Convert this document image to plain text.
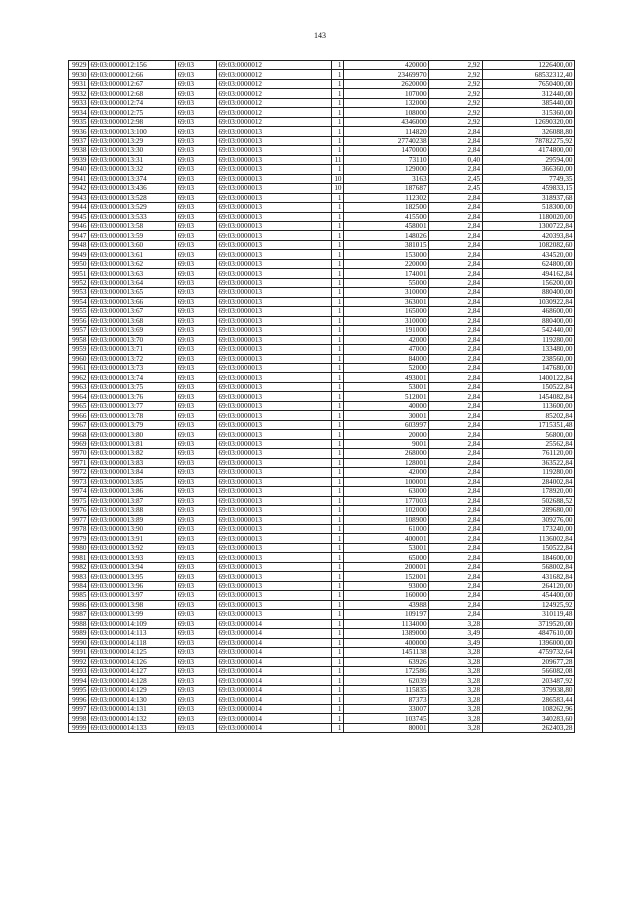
143
9929	69:03:0000012:156	69:03	69:03:0000012	1	420000	2,92	1226400,00
9930	69:03:0000012:66	69:03	69:03:0000012	1	23469970	2,92	68532312,40
9931	69:03:0000012:67	69:03	69:03:0000012	1	2620000	2,92	7650400,00
9932	69:03:0000012:68	69:03	69:03:0000012	1	107000	2,92	312440,00
9933	69:03:0000012:74	69:03	69:03:0000012	1	132000	2,92	385440,00
9934	69:03:0000012:75	69:03	69:03:0000012	1	108000	2,92	315360,00
9935	69:03:0000012:98	69:03	69:03:0000012	1	4346000	2,92	12690320,00
9936	69:03:0000013:100	69:03	69:03:0000013	1	114820	2,84	326088,80
9937	69:03:0000013:29	69:03	69:03:0000013	1	27740238	2,84	78782275,92
9938	69:03:0000013:30	69:03	69:03:0000013	1	1470000	2,84	4174800,00
9939	69:03:0000013:31	69:03	69:03:0000013	11	73110	0,40	29594,00
9940	69:03:0000013:32	69:03	69:03:0000013	1	129000	2,84	366360,00
9941	69:03:0000013:374	69:03	69:03:0000013	10	3163	2,45	7749,35
9942	69:03:0000013:436	69:03	69:03:0000013	10	187687	2,45	459833,15
9943	69:03:0000013:528	69:03	69:03:0000013	1	112302	2,84	318937,68
9944	69:03:0000013:529	69:03	69:03:0000013	1	182500	2,84	518300,00
9945	69:03:0000013:533	69:03	69:03:0000013	1	415500	2,84	1180020,00
9946	69:03:0000013:58	69:03	69:03:0000013	1	458001	2,84	1300722,84
9947	69:03:0000013:59	69:03	69:03:0000013	1	148026	2,84	420393,84
9948	69:03:0000013:60	69:03	69:03:0000013	1	381015	2,84	1082082,60
9949	69:03:0000013:61	69:03	69:03:0000013	1	153000	2,84	434520,00
9950	69:03:0000013:62	69:03	69:03:0000013	1	220000	2,84	624800,00
9951	69:03:0000013:63	69:03	69:03:0000013	1	174001	2,84	494162,84
9952	69:03:0000013:64	69:03	69:03:0000013	1	55000	2,84	156200,00
9953	69:03:0000013:65	69:03	69:03:0000013	1	310000	2,84	880400,00
9954	69:03:0000013:66	69:03	69:03:0000013	1	363001	2,84	1030922,84
9955	69:03:0000013:67	69:03	69:03:0000013	1	165000	2,84	468600,00
9956	69:03:0000013:68	69:03	69:03:0000013	1	310000	2,84	880400,00
9957	69:03:0000013:69	69:03	69:03:0000013	1	191000	2,84	542440,00
9958	69:03:0000013:70	69:03	69:03:0000013	1	42000	2,84	119280,00
9959	69:03:0000013:71	69:03	69:03:0000013	1	47000	2,84	133480,00
9960	69:03:0000013:72	69:03	69:03:0000013	1	84000	2,84	238560,00
9961	69:03:0000013:73	69:03	69:03:0000013	1	52000	2,84	147680,00
9962	69:03:0000013:74	69:03	69:03:0000013	1	493001	2,84	1400122,84
9963	69:03:0000013:75	69:03	69:03:0000013	1	53001	2,84	150522,84
9964	69:03:0000013:76	69:03	69:03:0000013	1	512001	2,84	1454082,84
9965	69:03:0000013:77	69:03	69:03:0000013	1	40000	2,84	113600,00
9966	69:03:0000013:78	69:03	69:03:0000013	1	30001	2,84	85202,84
9967	69:03:0000013:79	69:03	69:03:0000013	1	603997	2,84	1715351,48
9968	69:03:0000013:80	69:03	69:03:0000013	1	20000	2,84	56800,00
9969	69:03:0000013:81	69:03	69:03:0000013	1	9001	2,84	25562,84
9970	69:03:0000013:82	69:03	69:03:0000013	1	268000	2,84	761120,00
9971	69:03:0000013:83	69:03	69:03:0000013	1	128001	2,84	363522,84
9972	69:03:0000013:84	69:03	69:03:0000013	1	42000	2,84	119280,00
9973	69:03:0000013:85	69:03	69:03:0000013	1	100001	2,84	284002,84
9974	69:03:0000013:86	69:03	69:03:0000013	1	63000	2,84	178920,00
9975	69:03:0000013:87	69:03	69:03:0000013	1	177003	2,84	502688,52
9976	69:03:0000013:88	69:03	69:03:0000013	1	102000	2,84	289680,00
9977	69:03:0000013:89	69:03	69:03:0000013	1	108900	2,84	309276,00
9978	69:03:0000013:90	69:03	69:03:0000013	1	61000	2,84	173240,00
9979	69:03:0000013:91	69:03	69:03:0000013	1	400001	2,84	1136002,84
9980	69:03:0000013:92	69:03	69:03:0000013	1	53001	2,84	150522,84
9981	69:03:0000013:93	69:03	69:03:0000013	1	65000	2,84	184600,00
9982	69:03:0000013:94	69:03	69:03:0000013	1	200001	2,84	568002,84
9983	69:03:0000013:95	69:03	69:03:0000013	1	152001	2,84	431682,84
9984	69:03:0000013:96	69:03	69:03:0000013	1	93000	2,84	264120,00
9985	69:03:0000013:97	69:03	69:03:0000013	1	160000	2,84	454400,00
9986	69:03:0000013:98	69:03	69:03:0000013	1	43988	2,84	124925,92
9987	69:03:0000013:99	69:03	69:03:0000013	1	109197	2,84	310119,48
9988	69:03:0000014:109	69:03	69:03:0000014	1	1134000	3,28	3719520,00
9989	69:03:0000014:113	69:03	69:03:0000014	1	1389000	3,49	4847610,00
9990	69:03:0000014:118	69:03	69:03:0000014	1	400000	3,49	1396000,00
9991	69:03:0000014:125	69:03	69:03:0000014	1	1451138	3,28	4759732,64
9992	69:03:0000014:126	69:03	69:03:0000014	1	63926	3,28	209677,28
9993	69:03:0000014:127	69:03	69:03:0000014	1	172586	3,28	566082,08
9994	69:03:0000014:128	69:03	69:03:0000014	1	62039	3,28	203487,92
9995	69:03:0000014:129	69:03	69:03:0000014	1	115835	3,28	379938,80
9996	69:03:0000014:130	69:03	69:03:0000014	1	87373	3,28	286583,44
9997	69:03:0000014:131	69:03	69:03:0000014	1	33007	3,28	108262,96
9998	69:03:0000014:132	69:03	69:03:0000014	1	103745	3,28	340283,60
9999	69:03:0000014:133	69:03	69:03:0000014	1	80001	3,28	262403,28
